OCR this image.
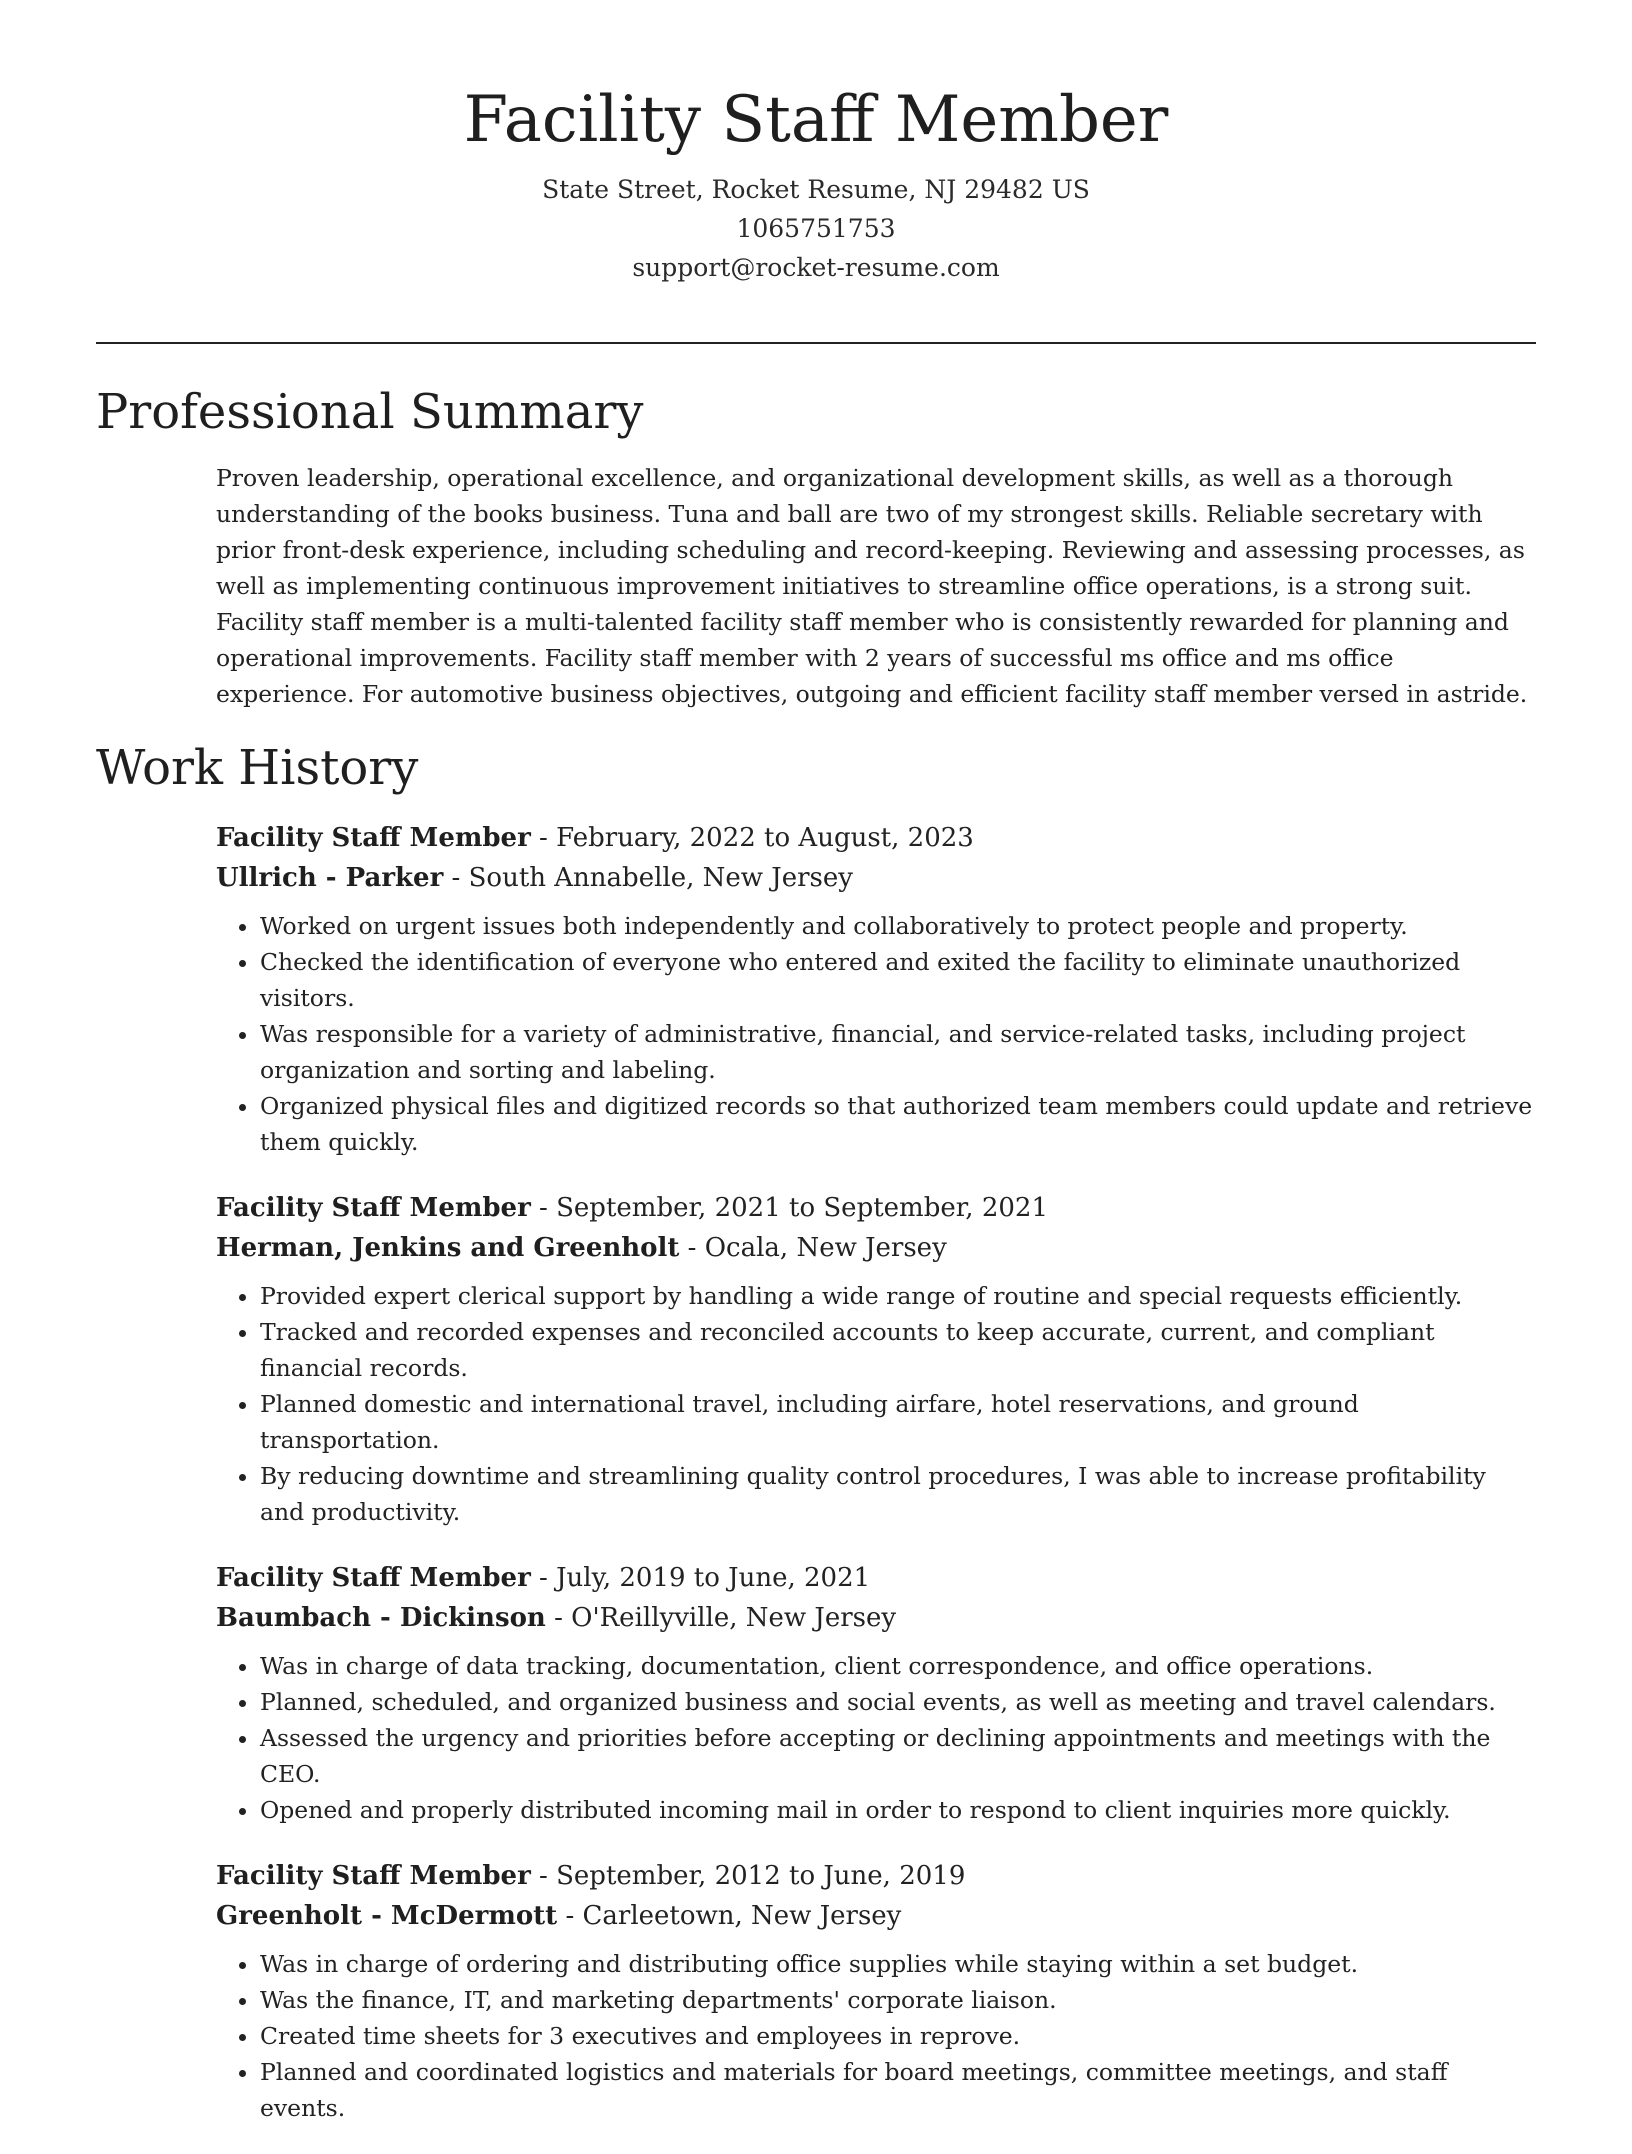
Facility Staff Member
State Street, Rocket Resume, NJ 29482 US
1065751753
support@rocket-resume.com
Professional Summary

Proven leadership, operational excellence, and organizational development skills, as well as a thorough understanding of the books business. Tuna and ball are two of my strongest skills. Reliable secretary with prior front-desk experience, including scheduling and record-keeping. Reviewing and assessing processes, as well as implementing continuous improvement initiatives to streamline office operations, is a strong suit. Facility staff member is a multi-talented facility staff member who is consistently rewarded for planning and operational improvements. Facility staff member with 2 years of successful ms office and ms office experience. For automotive business objectives, outgoing and efficient facility staff member versed in astride.

Work History

Facility Staff Member - February, 2022 to August, 2023

Ullrich - Parker - South Annabelle, New Jersey

• Worked on urgent issues both independently and collaboratively to protect people and property.
• Checked the identification of everyone who entered and exited the facility to eliminate unauthorized visitors.
• Was responsible for a variety of administrative, financial, and service-related tasks, including project organization and sorting and labeling.
• Organized physical files and digitized records so that authorized team members could update and retrieve them quickly.

Facility Staff Member - September, 2021 to September, 2021

Herman, Jenkins and Greenholt - Ocala, New Jersey

• Provided expert clerical support by handling a wide range of routine and special requests efficiently.
• Tracked and recorded expenses and reconciled accounts to keep accurate, current, and compliant financial records.
• Planned domestic and international travel, including airfare, hotel reservations, and ground transportation.
• By reducing downtime and streamlining quality control procedures, I was able to increase profitability and productivity.

Facility Staff Member - July, 2019 to June, 2021

Baumbach - Dickinson - O'Reillyville, New Jersey

• Was in charge of data tracking, documentation, client correspondence, and office operations.
• Planned, scheduled, and organized business and social events, as well as meeting and travel calendars.
• Assessed the urgency and priorities before accepting or declining appointments and meetings with the CEO.
• Opened and properly distributed incoming mail in order to respond to client inquiries more quickly.

Facility Staff Member - September, 2012 to June, 2019

Greenholt - McDermott - Carleetown, New Jersey

• Was in charge of ordering and distributing office supplies while staying within a set budget.
• Was the finance, IT, and marketing departments' corporate liaison.
• Created time sheets for 3 executives and employees in reprove.
• Planned and coordinated logistics and materials for board meetings, committee meetings, and staff events.
